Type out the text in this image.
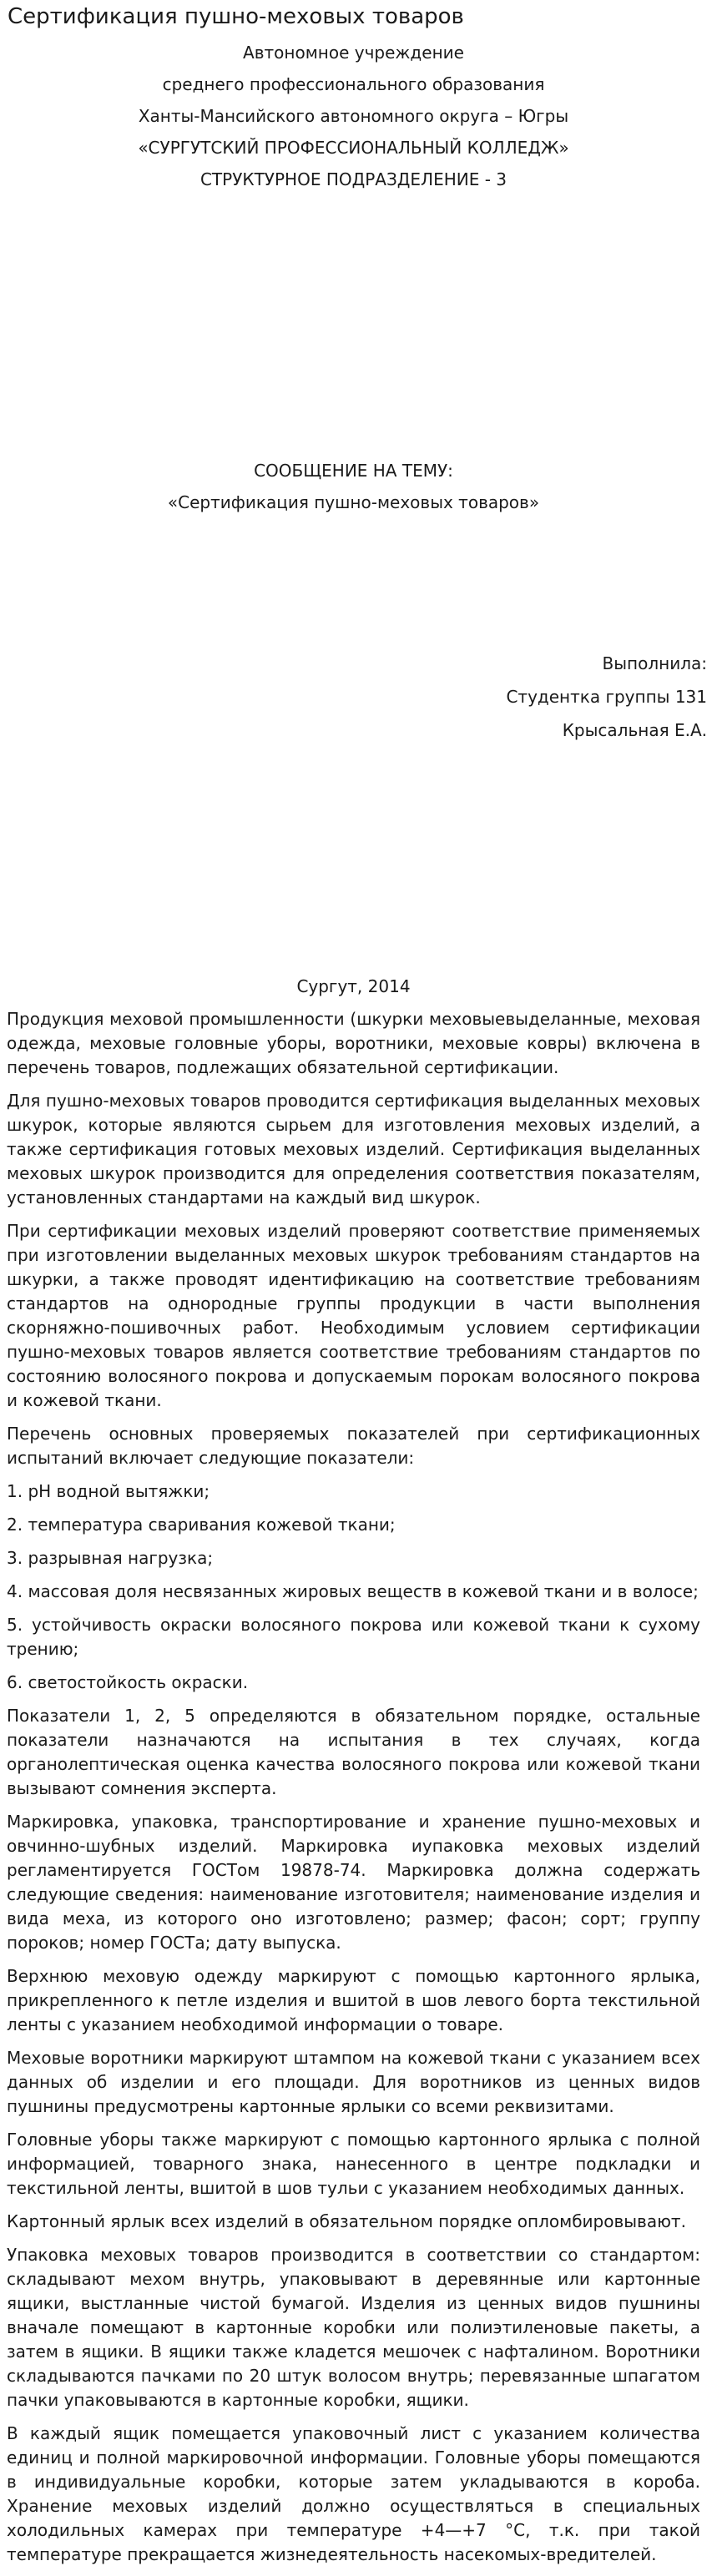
Сертификация пушно-меховых товаров
Автономное учреждение
среднего профессионального образования
Ханты-Мансийского автономного округа – Югры
«СУРГУТСКИЙ ПРОФЕССИОНАЛЬНЫЙ КОЛЛЕДЖ»
СТРУКТУРНОЕ ПОДРАЗДЕЛЕНИЕ - 3
СООБЩЕНИЕ НА ТЕМУ:
«Сертификация пушно-меховых товаров»
Выполнила:
Студентка группы 131
Крысальная Е.А.
Сургут, 2014

Продукция меховой промышленности (шкурки меховыевыделанные, меховая одежда, меховые головные уборы, воротники, меховые ковры) включена в перечень товаров, подлежащих обязательной сертификации.

Для пушно-меховых товаров проводится сертификация выделанных меховых шкурок, которые являются сырьем для изготовления меховых изделий, а также сертификация готовых меховых изделий. Сертификация выделанных меховых шкурок производится для определения соответствия показателям, установленных стандартами на каждый вид шкурок.

При сертификации меховых изделий проверяют соответствие применяемых при изготовлении выделанных меховых шкурок требованиям стандартов на шкурки, а также проводят идентификацию на соответствие требованиям стандартов на однородные группы продукции в части выполнения скорняжно-пошивочных работ. Необходимым условием сертификации пушно-меховых товаров является соответствие требованиям стандартов по состоянию волосяного покрова и допускаемым порокам волосяного покрова и кожевой ткани.

Перечень основных проверяемых показателей при сертификационных испытаний включает следующие показатели:

1. рН водной вытяжки;

2. температура сваривания кожевой ткани;

3. разрывная нагрузка;

4. массовая доля несвязанных жировых веществ в кожевой ткани и в волосе;

5. устойчивость окраски волосяного покрова или кожевой ткани к сухому трению;

6. светостойкость окраски.

Показатели 1, 2, 5 определяются в обязательном порядке, остальные показатели назначаются на испытания в тех случаях, когда органолептическая оценка качества волосяного покрова или кожевой ткани вызывают сомнения эксперта.

Маркировка, упаковка, транспортирование и хранение пушно-меховых и овчинно-шубных изделий. Маркировка иупаковка меховых изделий регламентируется ГОСТом 19878-74. Маркировка должна содержать следующие сведения: наименование изготовителя; наименование изделия и вида меха, из которого оно изготовлено; размер; фасон; сорт; группу пороков; номер ГОСТа; дату выпуска.

Верхнюю меховую одежду маркируют с помощью картонного ярлыка, прикрепленного к петле изделия и вшитой в шов левого борта текстильной ленты с указанием необходимой информации о товаре.

Меховые воротники маркируют штампом на кожевой ткани с указанием всех данных об изделии и его площади. Для воротников из ценных видов пушнины предусмотрены картонные ярлыки со всеми реквизитами.

Головные уборы также маркируют с помощью картонного ярлыка с полной информацией, товарного знака, нанесенного в центре подкладки и текстильной ленты, вшитой в шов тульи с указанием необходимых данных.

Картонный ярлык всех изделий в обязательном порядке опломбировывают.

Упаковка меховых товаров производится в соответствии со стандартом: складывают мехом внутрь, упаковывают в деревянные или картонные ящики, выстланные чистой бумагой. Изделия из ценных видов пушнины вначале помещают в картонные коробки или полиэтиленовые пакеты, а затем в ящики. В ящики также кладется мешочек с нафталином. Воротники складываются пачками по 20 штук волосом внутрь; перевязанные шпагатом пачки упаковываются в картонные коробки, ящики.

В каждый ящик помещается упаковочный лист с указанием количества единиц и полной маркировочной информации. Головные уборы помещаются в индивидуальные коробки, которые затем укладываются в короба. Хранение меховых изделий должно осуществляться в специальных холодильных камерах при температуре +4—+7 °С, т.к. при такой температуре прекращается жизнедеятельность насекомых-вредителей.
